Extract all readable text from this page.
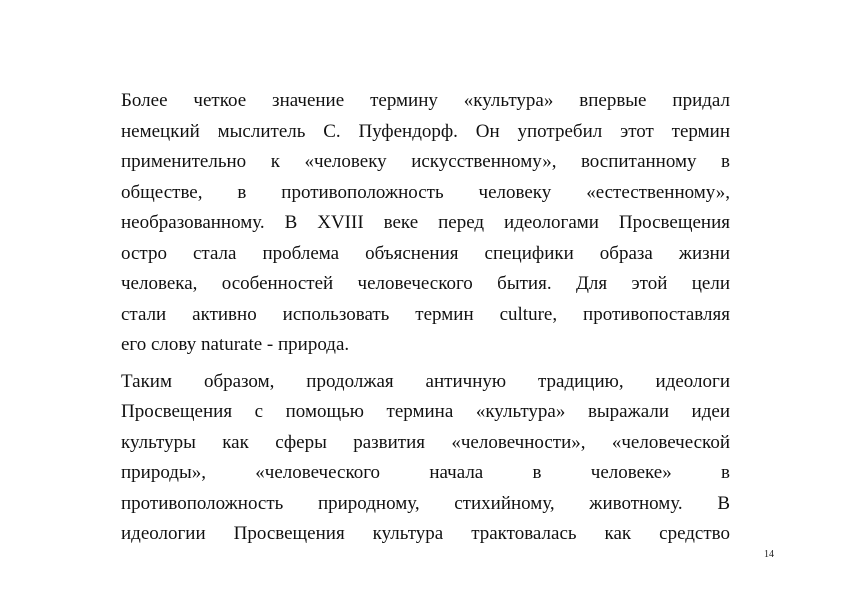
Более четкое значение термину «культура» впервые придал
немецкий мыслитель С. Пуфендорф. Он употребил этот термин
применительно к «человеку искусственному», воспитанному в
обществе, в противоположность человеку «естественному»,
необразованному. В XVIII веке перед идеологами Просвещения
остро стала проблема объяснения специфики образа жизни
человека, особенностей человеческого бытия. Для этой цели
стали активно использовать термин culture, противопоставляя
его слову naturate - природа.
Таким образом, продолжая античную традицию, идеологи
Просвещения с помощью термина «культура» выражали идеи
культуры как сферы развития «человечности», «человеческой
природы», «человеческого начала в человеке» в
противоположность природному, стихийному, животному. В
идеологии Просвещения культура трактовалась как средство
14
